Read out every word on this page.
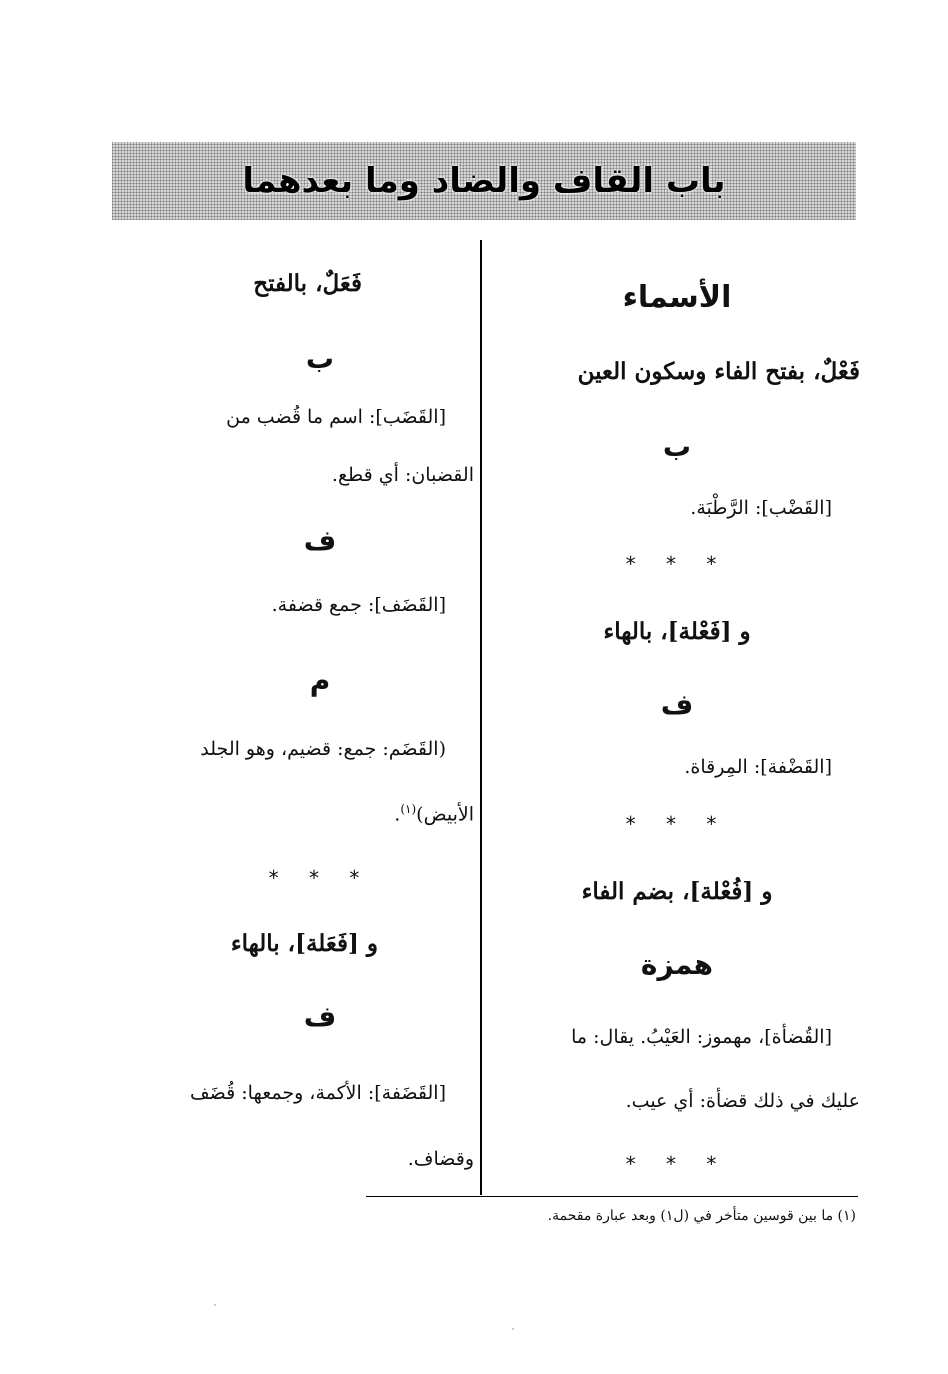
باب القاف والضاد وما بعدهما
الأسماء
فَعْلٌ، بفتح الفاء وسكون العين
ب
[القَضْب]: الرَّطْبَة.
* * *
و [فَعْلة]، بالهاء
ف
[القَضْفة]: المِرقاة.
* * *
و [فُعْلة]، بضم الفاء
همزة
[القُضأة]، مهموز: العَيْبُ. يقال: ما
عليك في ذلك قضأة: أي عيب.
* * *
فَعَلٌ، بالفتح
ب
[القَضَب]: اسم ما قُضب من
القضبان: أي قطع.
ف
[القَضَف]: جمع قضفة.
م
(القَضَم: جمع: قضيم، وهو الجلد
الأبيض)$^{(١)}$.
* * *
و [فَعَلة]، بالهاء
ف
[القَضَفة]: الأكمة، وجمعها: قُضَف
وقضاف.
(١) ما بين قوسين متأخر في (ل١) وبعد عبارة مقحمة.
